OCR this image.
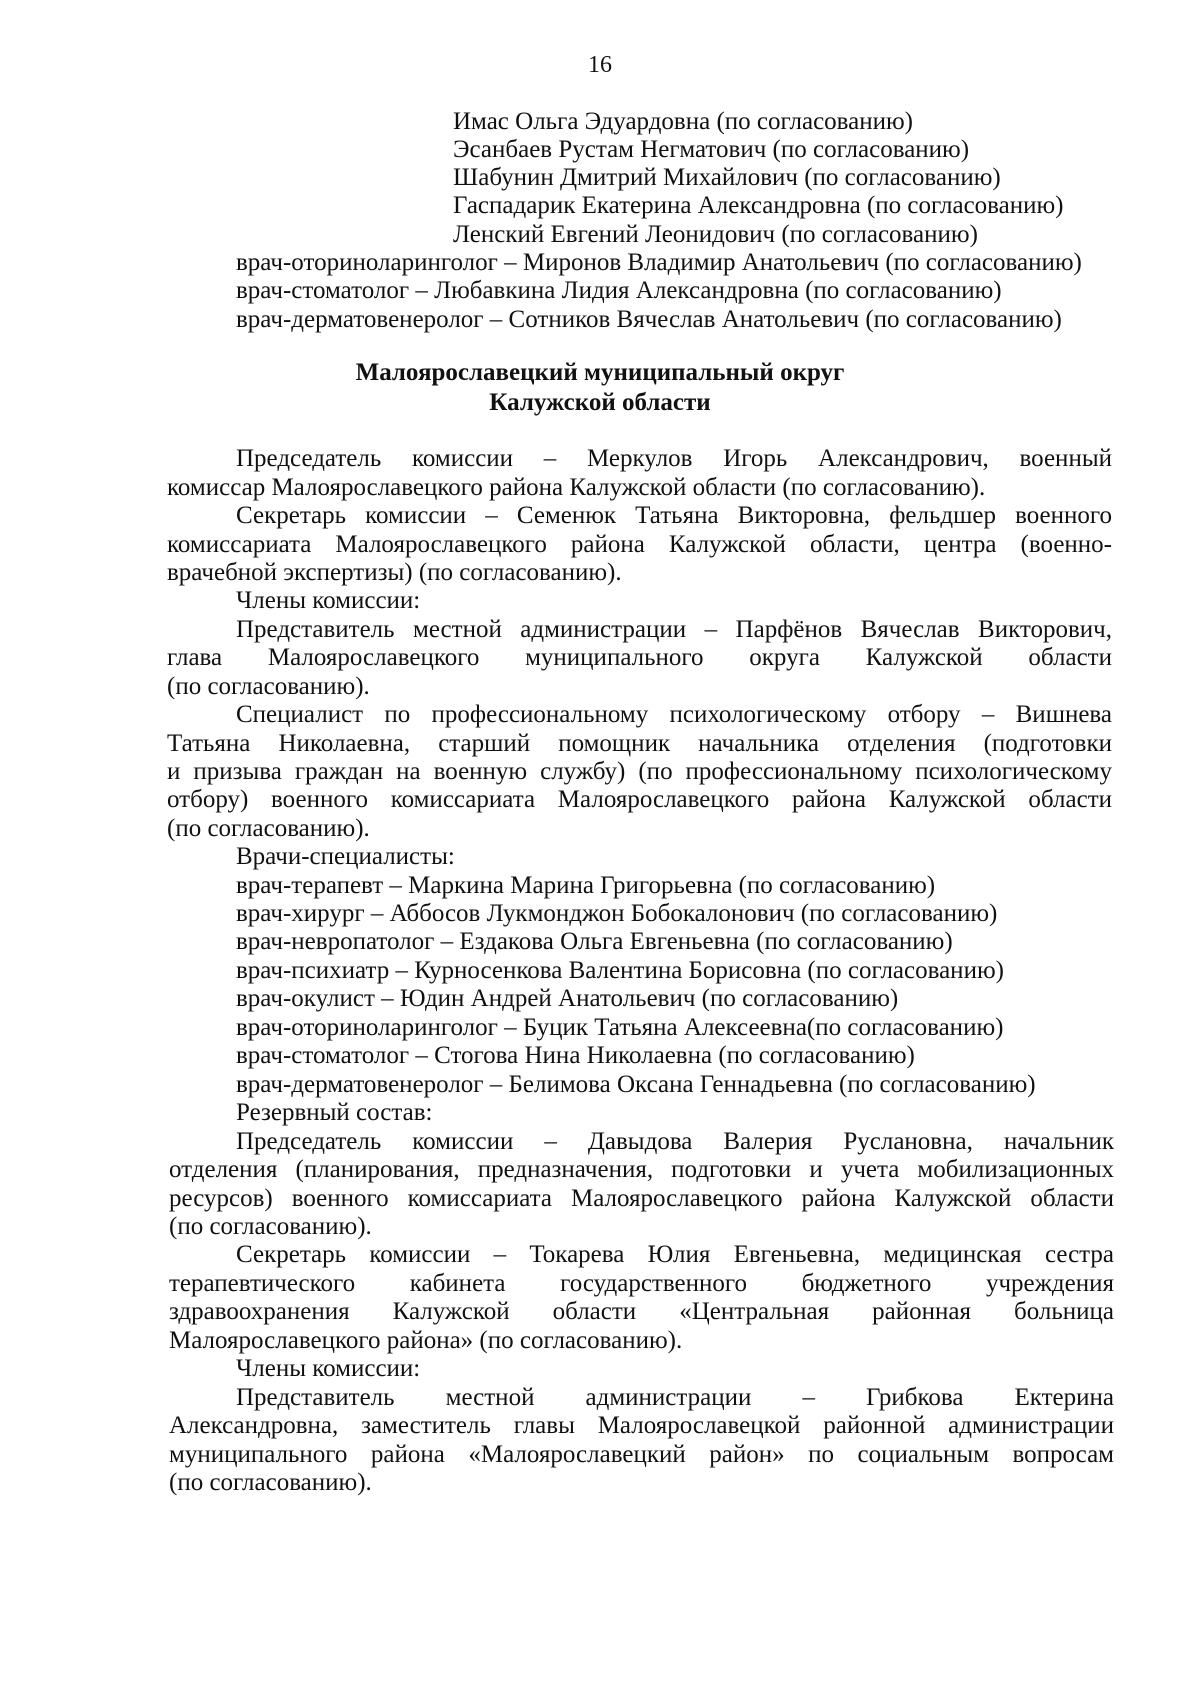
16
Имас Ольга Эдуардовна (по согласованию)
Эсанбаев Рустам Негматович (по согласованию)
Шабунин Дмитрий Михайлович (по согласованию)
Гаспадарик Екатерина Александровна (по согласованию)
Ленский Евгений Леонидович (по согласованию)
врач-оториноларинголог – Миронов Владимир Анатольевич (по согласованию)
врач-стоматолог – Любавкина Лидия Александровна (по согласованию)
врач-дерматовенеролог – Сотников Вячеслав Анатольевич (по согласованию)
Малоярославецкий муниципальный округ
Калужской области
Председатель комиссии – Меркулов Игорь Александрович, военный
комиссар Малоярославецкого района Калужской области (по согласованию).
Секретарь комиссии – Семенюк Татьяна Викторовна, фельдшер военного
комиссариата Малоярославецкого района Калужской области, центра (военно-
врачебной экспертизы) (по согласованию).
Члены комиссии:
Представитель местной администрации – Парфёнов Вячеслав Викторович,
глава Малоярославецкого муниципального округа Калужской области
(по согласованию).
Специалист по профессиональному психологическому отбору – Вишнева
Татьяна Николаевна, старший помощник начальника отделения (подготовки
и призыва граждан на военную службу) (по профессиональному психологическому
отбору) военного комиссариата Малоярославецкого района Калужской области
(по согласованию).
Врачи-специалисты:
врач-терапевт – Маркина Марина Григорьевна (по согласованию)
врач-хирург – Аббосов Лукмонджон Бобокалонович (по согласованию)
врач-невропатолог – Ездакова Ольга Евгеньевна (по согласованию)
врач-психиатр – Курносенкова Валентина Борисовна (по согласованию)
врач-окулист – Юдин Андрей Анатольевич (по согласованию)
врач-оториноларинголог – Буцик Татьяна Алексеевна(по согласованию)
врач-стоматолог – Стогова Нина Николаевна (по согласованию)
врач-дерматовенеролог – Белимова Оксана Геннадьевна (по согласованию)
Резервный состав:
Председатель комиссии – Давыдова Валерия Руслановна, начальник
отделения (планирования, предназначения, подготовки и учета мобилизационных
ресурсов) военного комиссариата Малоярославецкого района Калужской области
(по согласованию).
Секретарь комиссии – Токарева Юлия Евгеньевна, медицинская сестра
терапевтического кабинета государственного бюджетного учреждения
здравоохранения Калужской области «Центральная районная больница
Малоярославецкого района» (по согласованию).
Члены комиссии:
Представитель местной администрации – Грибкова Ектерина
Александровна, заместитель главы Малоярославецкой районной администрации
муниципального района «Малоярославецкий район» по социальным вопросам
(по согласованию).
